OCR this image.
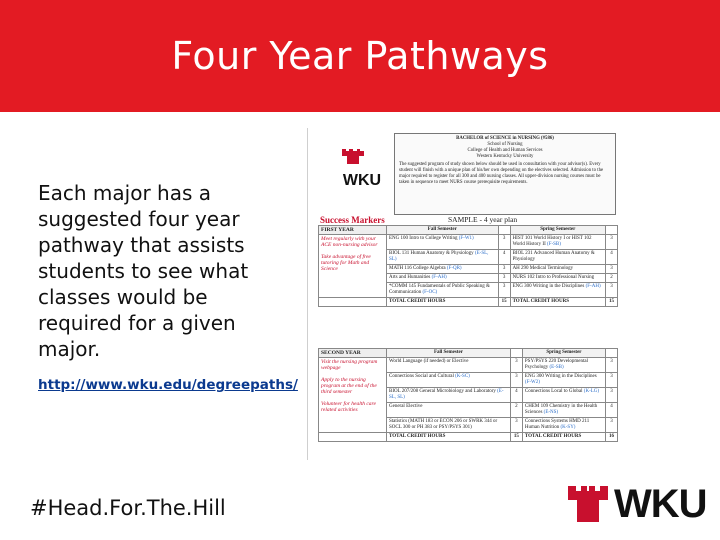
Four Year Pathways
Each major has a suggested four year pathway that assists students to see what classes would be required for a given major.
http://www.wku.edu/degreepaths/
#Head.For.The.Hill
WKU
BACHELOR of SCIENCE in NURSING (#586)
School of Nursing
College of Health and Human Services
Western Kentucky University
The suggested program of study shown below should be used in consultation with your advisor(s). Every student will finish with a unique plan of his/her own depending on the electives selected. Admission to the major required to register for all 300 and 400 nursing classes. All upper-division nursing courses must be taken in sequence to meet NURS course prerequisite requirements.
Success Markers	SAMPLE - 4 year plan
FIRST YEAR	Fall Semester		Spring Semester	

Meet regularly with your ACE non-nursing advisor

Take advantage of free tutoring for Math and Science	ENG 100 Intro to College Writing (F-W1)	3	HIST 101 World History I or HIST 102 World History II (F-SB)	3
	BIOL 131 Human Anatomy & Physiology (E-SL, SL)	4	BIOL 231 Advanced Human Anatomy & Physiology	4
	MATH 116 College Algebra (F-QR)	3	AH 290 Medical Terminology	3
	Arts and Humanities (F-AH)	3	NURS 102 Intro to Professional Nursing	2
	*COMM 145 Fundamentals of Public Speaking & Communication (F-OC)	3	ENG 300 Writing in the Disciplines (F-AH)	3
	TOTAL CREDIT HOURS	15	TOTAL CREDIT HOURS	15
SECOND YEAR	Fall Semester		Spring Semester	

Visit the nursing program webpage

Apply to the nursing program at the end of the third semester

Volunteer for health care related activities	World Language (if needed) or Elective	3	PSY/PSYS 220 Developmental Psychology (E-SB)	3
	Connections Social and Cultural (K-SC)	3	ENG 300 Writing in the Disciplines (F-W2)	3
	BIOL 207/208 General Microbiology and Laboratory (E-SL, SL)	4	Connections Local to Global (K-LG)	3
	General Elective	2	CHEM 109 Chemistry in the Health Sciences (E-NS)	4
	Statistics (MATH 183 or ECON 206 or SWRK 344 or SOCL 300 or PH 383 or PSY/PSYS 301)	3	Connections Systems HMD 211 Human Nutrition (K-SY)	3
	TOTAL CREDIT HOURS	15	TOTAL CREDIT HOURS	16
WKU
